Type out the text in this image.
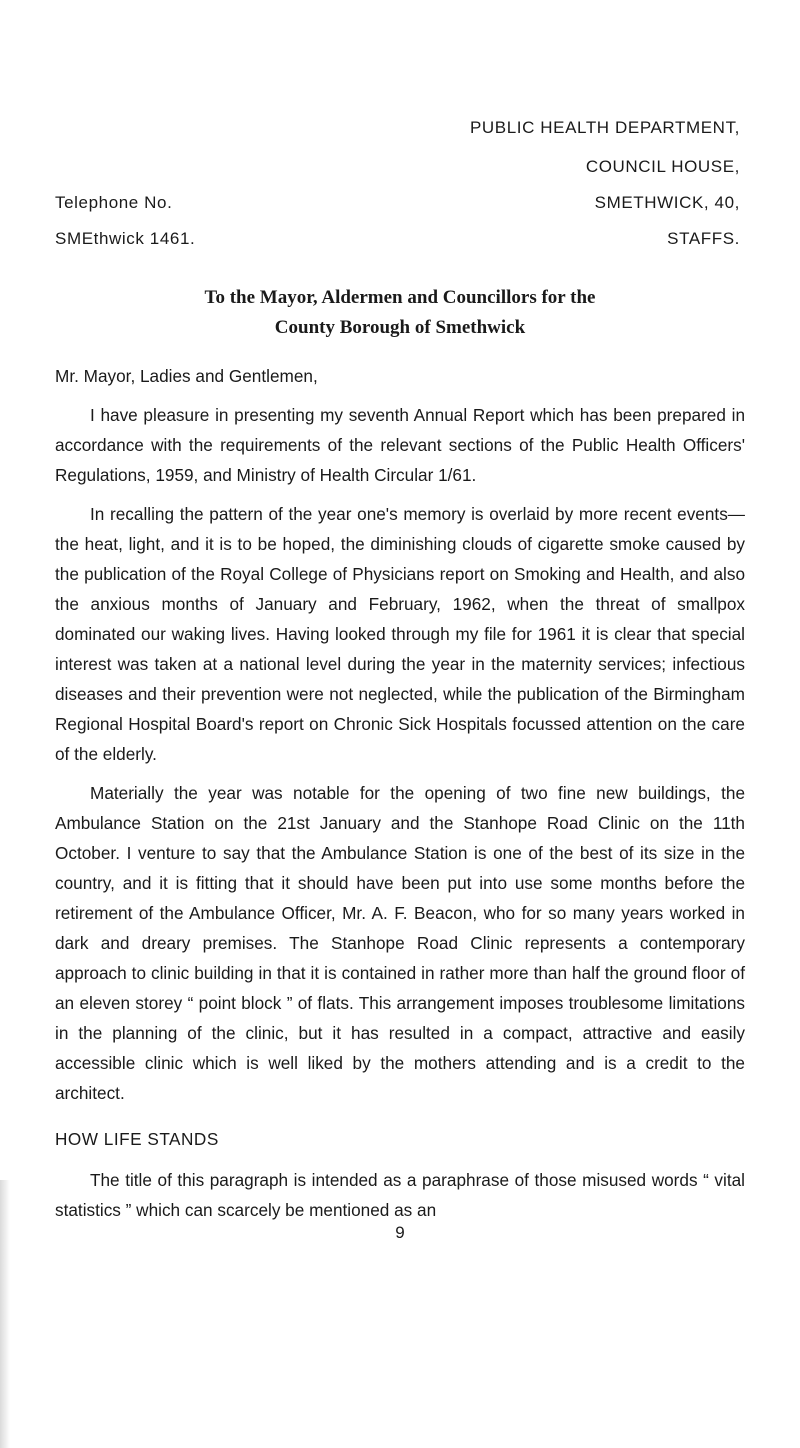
PUBLIC HEALTH DEPARTMENT,
COUNCIL HOUSE,
Telephone No.	SMETHWICK, 40,
SMEthwick 1461.	STAFFS.
To the Mayor, Aldermen and Councillors for the
County Borough of Smethwick

Mr. Mayor, Ladies and Gentlemen,

I have pleasure in presenting my seventh Annual Report which has been prepared in accordance with the requirements of the relevant sections of the Public Health Officers' Regulations, 1959, and Ministry of Health Circular 1/61.

In recalling the pattern of the year one's memory is overlaid by more recent events—the heat, light, and it is to be hoped, the diminishing clouds of cigarette smoke caused by the publication of the Royal College of Physicians report on Smoking and Health, and also the anxious months of January and February, 1962, when the threat of smallpox dominated our waking lives. Having looked through my file for 1961 it is clear that special interest was taken at a national level during the year in the maternity services; infectious diseases and their prevention were not neglected, while the publication of the Birmingham Regional Hospital Board's report on Chronic Sick Hospitals focussed attention on the care of the elderly.

Materially the year was notable for the opening of two fine new buildings, the Ambulance Station on the 21st January and the Stanhope Road Clinic on the 11th October. I venture to say that the Ambulance Station is one of the best of its size in the country, and it is fitting that it should have been put into use some months before the retirement of the Ambulance Officer, Mr. A. F. Beacon, who for so many years worked in dark and dreary premises. The Stanhope Road Clinic represents a contemporary approach to clinic building in that it is contained in rather more than half the ground floor of an eleven storey “ point block ” of flats. This arrangement imposes troublesome limitations in the planning of the clinic, but it has resulted in a compact, attractive and easily accessible clinic which is well liked by the mothers attending and is a credit to the architect.

HOW LIFE STANDS

The title of this paragraph is intended as a paraphrase of those misused words “ vital statistics ” which can scarcely be mentioned as an

9
